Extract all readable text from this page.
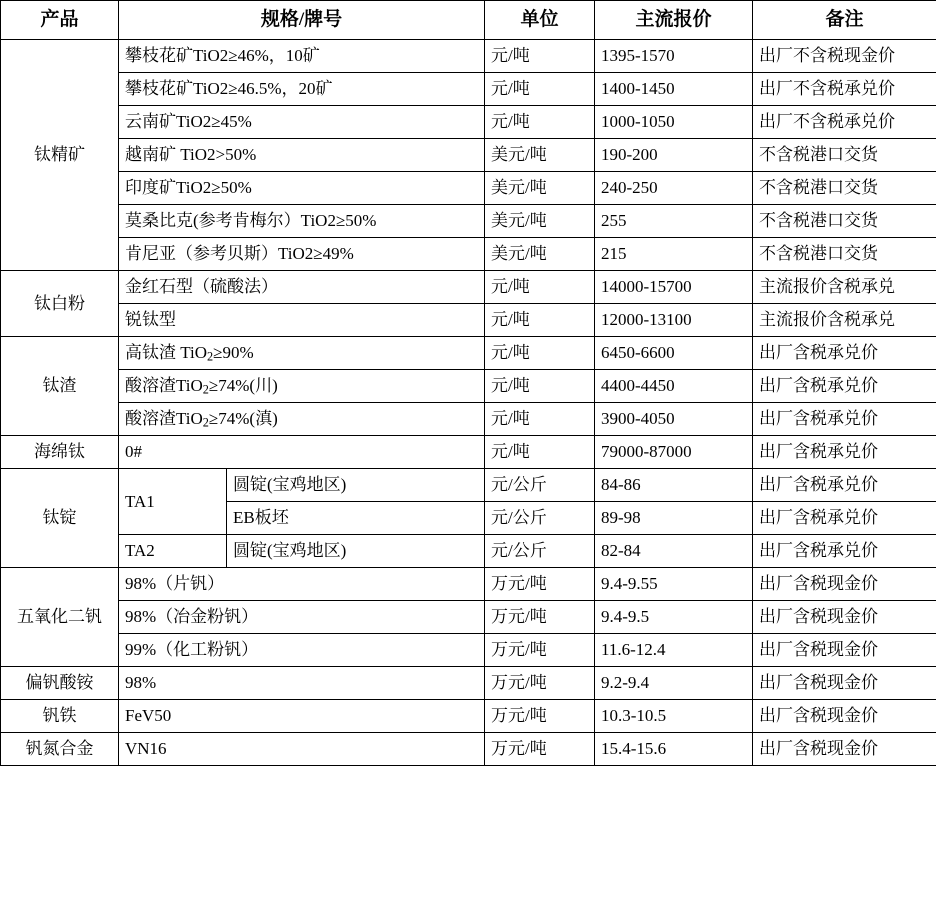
产品	规格/牌号		单位	主流报价	备注
钛精矿	攀枝花矿TiO2≥46%，10矿		元/吨	1395-1570	出厂不含税现金价
	攀枝花矿TiO2≥46.5%，20矿		元/吨	1400-1450	出厂不含税承兑价
	云南矿TiO2≥45%		元/吨	1000-1050	出厂不含税承兑价
	越南矿 TiO2>50%		美元/吨	190-200	不含税港口交货
	印度矿TiO2≥50%		美元/吨	240-250	不含税港口交货
	莫桑比克(参考肯梅尔）TiO2≥50%		美元/吨	255	不含税港口交货
	肯尼亚（参考贝斯）TiO2≥49%		美元/吨	215	不含税港口交货
钛白粉	金红石型（硫酸法）		元/吨	14000-15700	主流报价含税承兑
	锐钛型		元/吨	12000-13100	主流报价含税承兑
钛渣	高钛渣 TiO$_2$≥90%		元/吨	6450-6600	出厂含税承兑价
	酸溶渣TiO$_2$≥74%(川)		元/吨	4400-4450	出厂含税承兑价
	酸溶渣TiO$_2$≥74%(滇)		元/吨	3900-4050	出厂含税承兑价
海绵钛	0#		元/吨	79000-87000	出厂含税承兑价
钛锭	TA1	圆锭(宝鸡地区)	元/公斤	84-86	出厂含税承兑价
		EB板坯	元/公斤	89-98	出厂含税承兑价
	TA2	圆锭(宝鸡地区)	元/公斤	82-84	出厂含税承兑价
五氧化二钒	98%（片钒）		万元/吨	9.4-9.55	出厂含税现金价
	98%（冶金粉钒）		万元/吨	9.4-9.5	出厂含税现金价
	99%（化工粉钒）		万元/吨	11.6-12.4	出厂含税现金价
偏钒酸铵	98%		万元/吨	9.2-9.4	出厂含税现金价
钒铁	FeV50		万元/吨	10.3-10.5	出厂含税现金价
钒氮合金	VN16		万元/吨	15.4-15.6	出厂含税现金价
